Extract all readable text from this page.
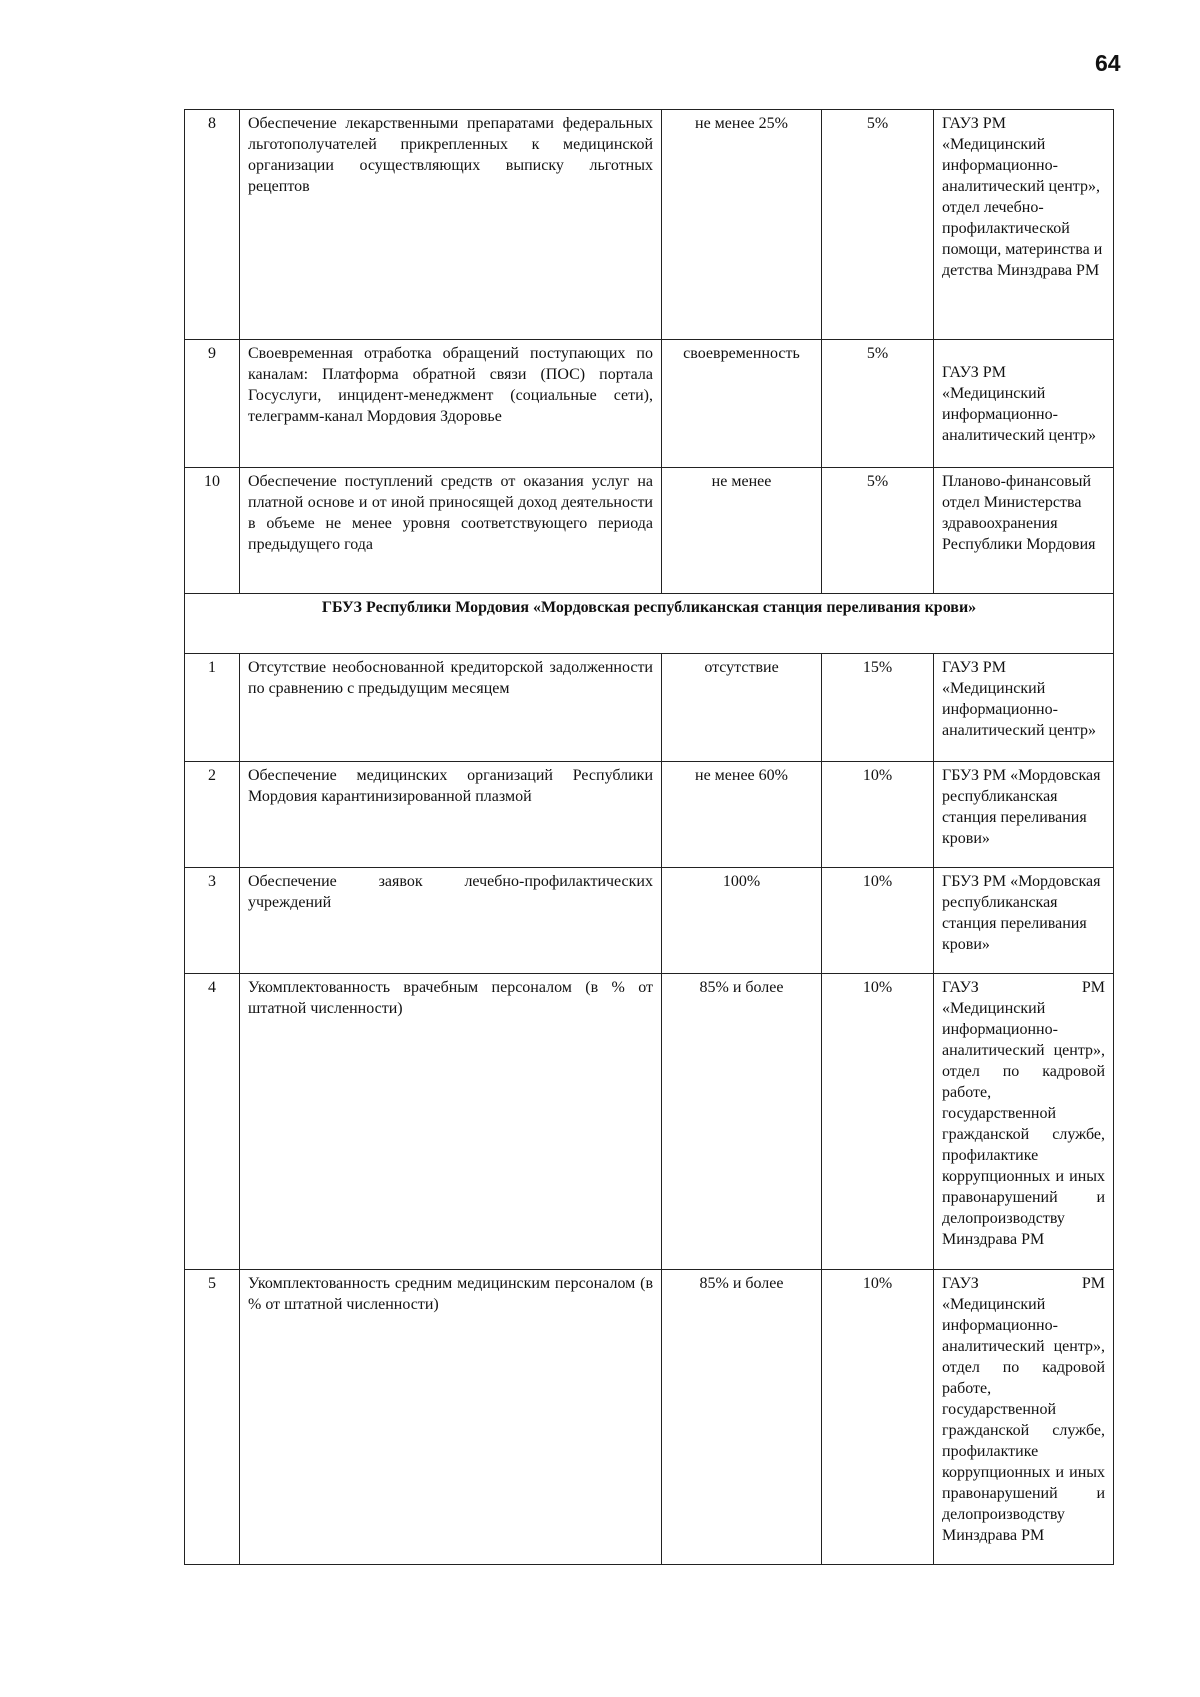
64
8	Обеспечение лекарственными препаратами федеральных льготополучателей прикрепленных к медицинской организации осуществляющих выписку льготных рецептов	не менее 25%	5%	ГАУЗ РМ «Медицинский информационно-аналитический центр», отдел лечебно-профилактической помощи, материнства и детства Минздрава РМ
9	Своевременная отработка обращений поступающих по каналам: Платформа обратной связи (ПОС) портала Госуслуги, инцидент-менеджмент (социальные сети), телеграмм-канал Мордовия Здоровье	своевременность	5%	ГАУЗ РМ «Медицинский информационно-аналитический центр»
10	Обеспечение поступлений средств от оказания услуг на платной основе и от иной приносящей доход деятельности в объеме не менее уровня соответствующего периода предыдущего года	не менее	5%	Планово-финансовый отдел Министерства здравоохранения Республики Мордовия
ГБУЗ Республики Мордовия «Мордовская республиканская станция переливания крови»				
1	Отсутствие необоснованной кредиторской задолженности по сравнению с предыдущим месяцем	отсутствие	15%	ГАУЗ РМ «Медицинский информационно-аналитический центр»
2	Обеспечение медицинских организаций Республики Мордовия карантинизированной плазмой	не менее 60%	10%	ГБУЗ РМ «Мордовская республиканская станция переливания крови»
3	Обеспечение заявок лечебно-профилактических учреждений	100%	10%	ГБУЗ РМ «Мордовская республиканская станция переливания крови»
4	Укомплектованность врачебным персоналом (в % от штатной численности)	85% и более	10%	ГАУЗ РМ
«Медицинский информационно-аналитический центр», отдел по кадровой работе, государственной гражданской службе, профилактике коррупционных и иных правонарушений и делопроизводству Минздрава РМ

5	Укомплектованность средним медицинским персоналом (в % от штатной численности)	85% и более	10%	ГАУЗ РМ
«Медицинский информационно-аналитический центр», отдел по кадровой работе, государственной гражданской службе, профилактике коррупционных и иных правонарушений и делопроизводству Минздрава РМ
